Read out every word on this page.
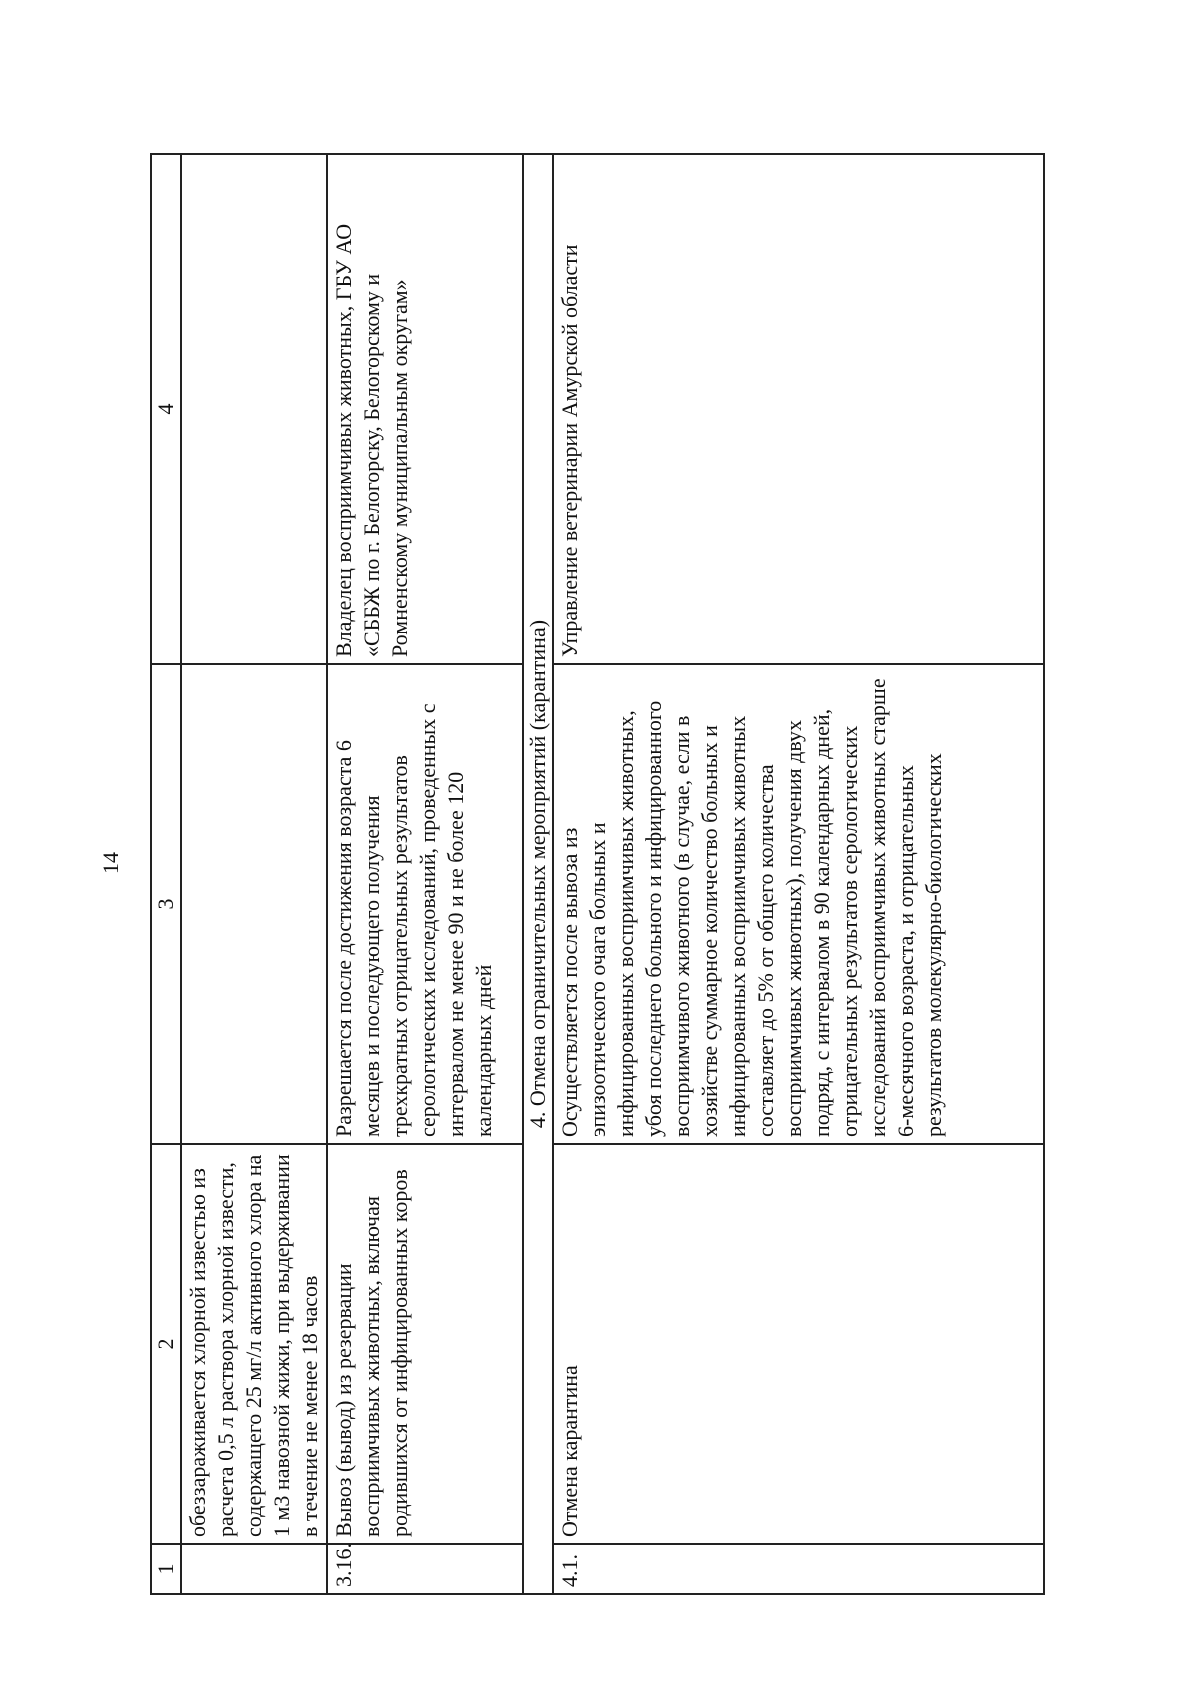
14
1	2	3	4
	обеззараживается хлорной известью из расчета 0,5 л раствора хлорной извести, содержащего 25 мг/л активного хлора на 1 м3 навозной жижи, при выдерживании в течение не менее 18 часов		
3.16.	Вывоз (вывод) из резервации восприимчивых животных, включая родившихся от инфицированных коров	Разрешается после достижения возраста 6 месяцев и последующего получения трехкратных отрицательных результатов серологических исследований, проведенных с интервалом не менее 90 и не более 120 календарных дней	Владелец восприимчивых животных, ГБУ АО «СББЖ по г. Белогорску, Белогорскому и Ромненскому муниципальным округам»
4. Отмена ограничительных мероприятий (карантина)			
4.1.	Отмена карантина	Осуществляется после вывоза из эпизоотического очага больных и инфицированных восприимчивых животных, убоя последнего больного и инфицированного восприимчивого животного (в случае, если в хозяйстве суммарное количество больных и инфицированных восприимчивых животных составляет до 5% от общего количества восприимчивых животных), получения двух подряд, с интервалом в 90 календарных дней, отрицательных результатов серологических исследований восприимчивых животных старше 6-месячного возраста, и отрицательных результатов молекулярно-биологических	Управление ветеринарии Амурской области
